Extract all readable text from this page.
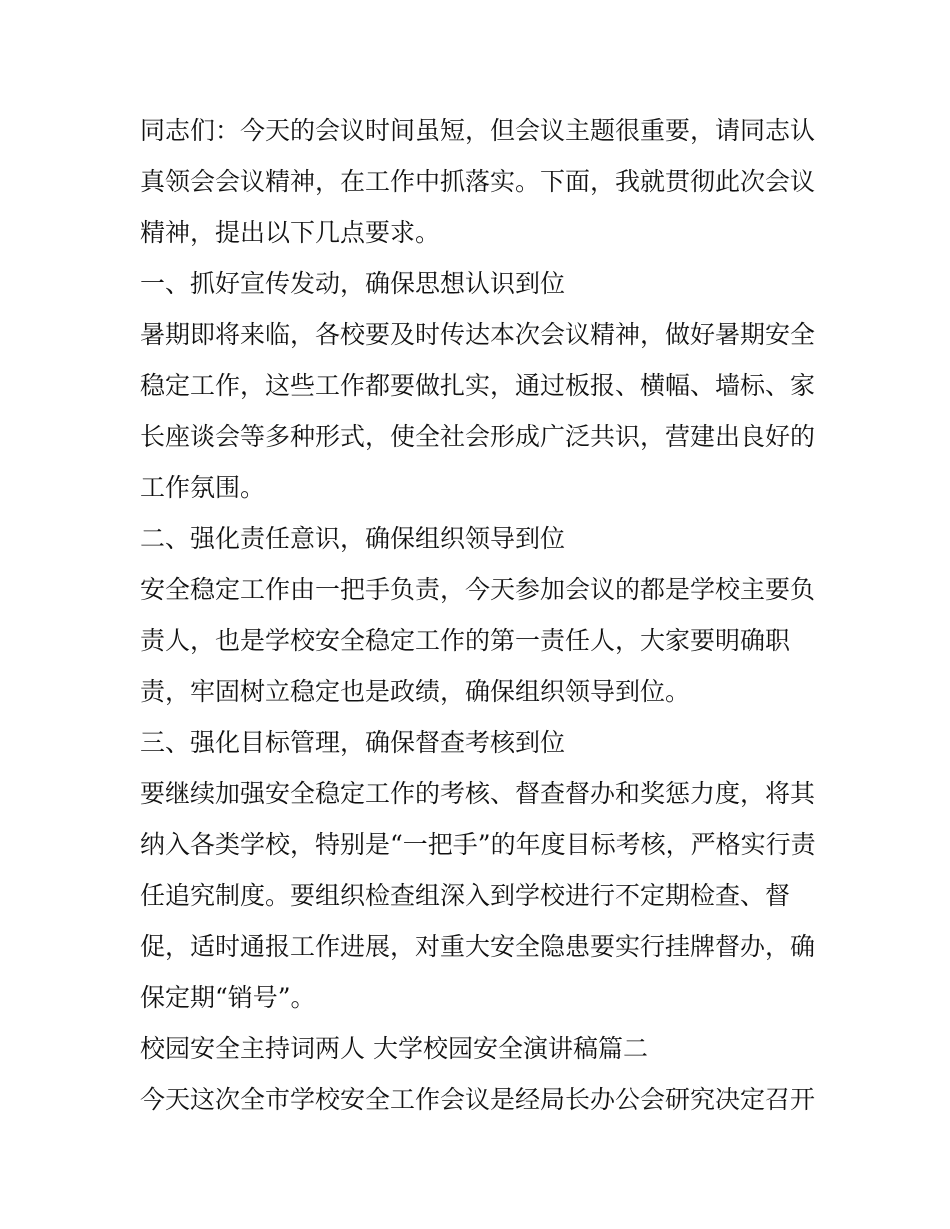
同志们：今天的会议时间虽短，但会议主题很重要，请同志认
真领会会议精神，在工作中抓落实。下面，我就贯彻此次会议
精神，提出以下几点要求。

一、抓好宣传发动，确保思想认识到位

暑期即将来临，各校要及时传达本次会议精神，做好暑期安全
稳定工作，这些工作都要做扎实，通过板报、横幅、墙标、家
长座谈会等多种形式，使全社会形成广泛共识，营建出良好的
工作氛围。

二、强化责任意识，确保组织领导到位

安全稳定工作由一把手负责，今天参加会议的都是学校主要负
责人，也是学校安全稳定工作的第一责任人，大家要明确职
责，牢固树立稳定也是政绩，确保组织领导到位。

三、强化目标管理，确保督查考核到位

要继续加强安全稳定工作的考核、督查督办和奖惩力度，将其
纳入各类学校，特别是“一把手”的年度目标考核，严格实行责
任追究制度。要组织检查组深入到学校进行不定期检查、督
促，适时通报工作进展，对重大安全隐患要实行挂牌督办，确
保定期“销号”。

校园安全主持词两人 大学校园安全演讲稿篇二

今天这次全市学校安全工作会议是经局长办公会研究决定召开
